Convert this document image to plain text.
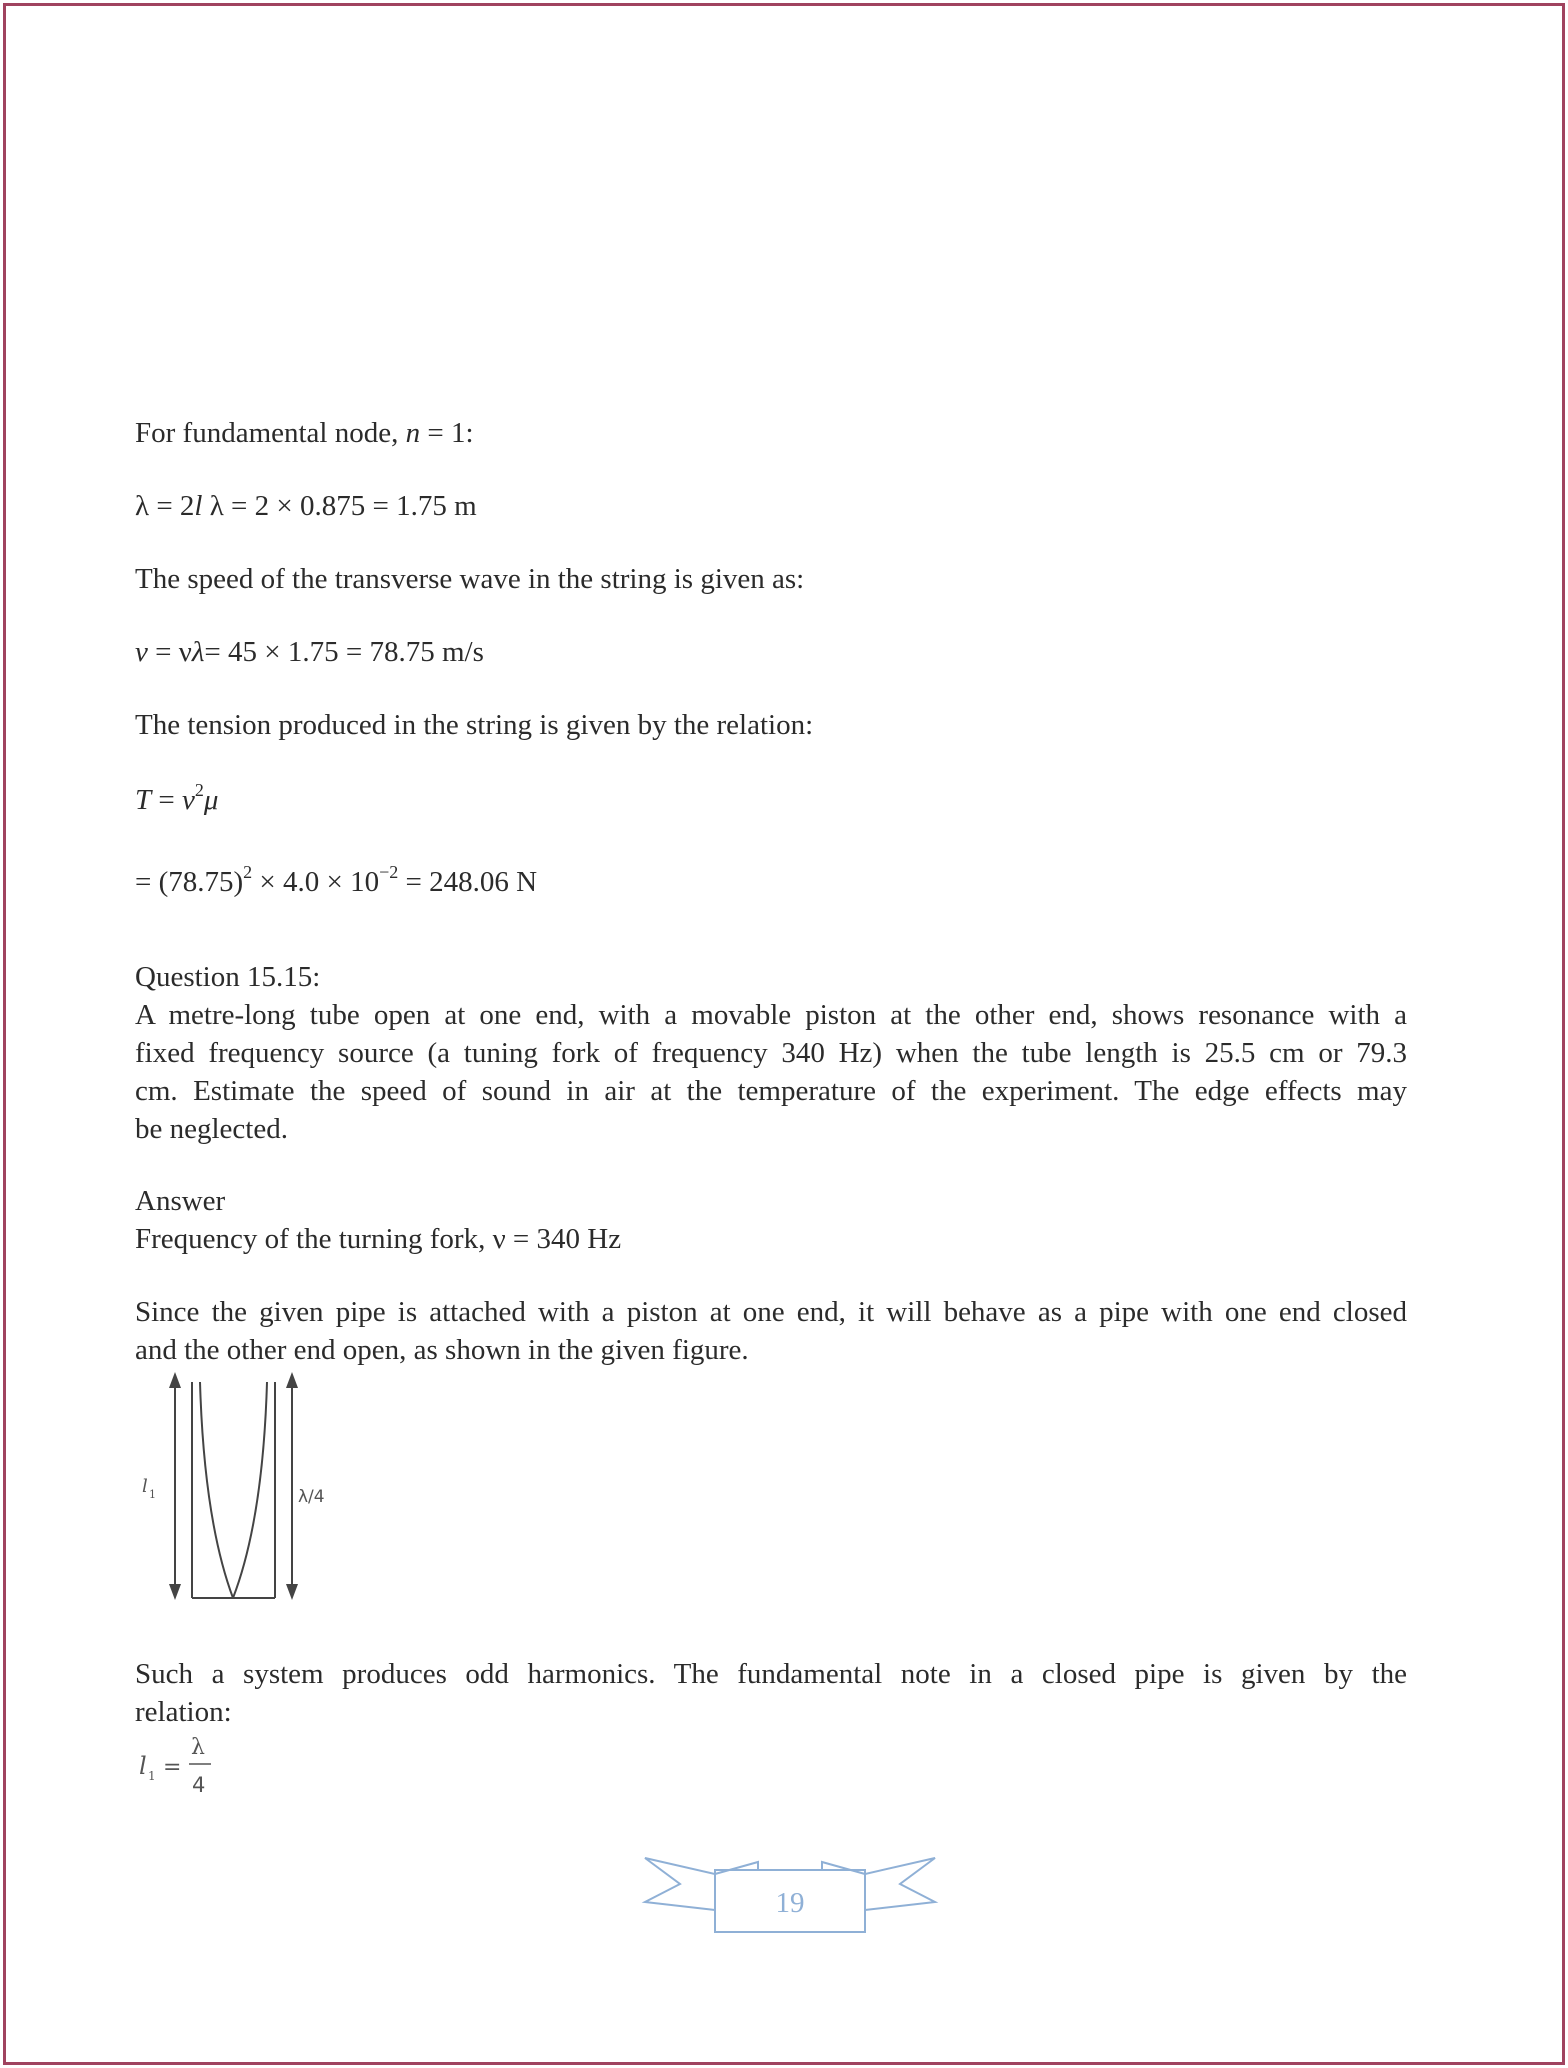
For fundamental node, n = 1:
λ = 2l λ = 2 × 0.875 = 1.75 m
The speed of the transverse wave in the string is given as:
v = νλ= 45 × 1.75 = 78.75 m/s
The tension produced in the string is given by the relation:
$T = v^2\mu$
= $(78.75)^2 \times 4.0 \times 10^{-2} = 248.06$ N
Question 15.15:
A metre-long tube open at one end, with a movable piston at the other end, shows resonance with a
fixed frequency source (a tuning fork of frequency 340 Hz) when the tube length is 25.5 cm or 79.3
cm. Estimate the speed of sound in air at the temperature of the experiment. The edge effects may
be neglected.
Answer
Frequency of the turning fork, ν = 340 Hz
Since the given pipe is attached with a piston at one end, it will behave as a pipe with one end closed
and the other end open, as shown in the given figure.
l 1	λ/4
Such a system produces odd harmonics. The fundamental note in a closed pipe is given by the
relation:
l 1 =
λ
4
19
